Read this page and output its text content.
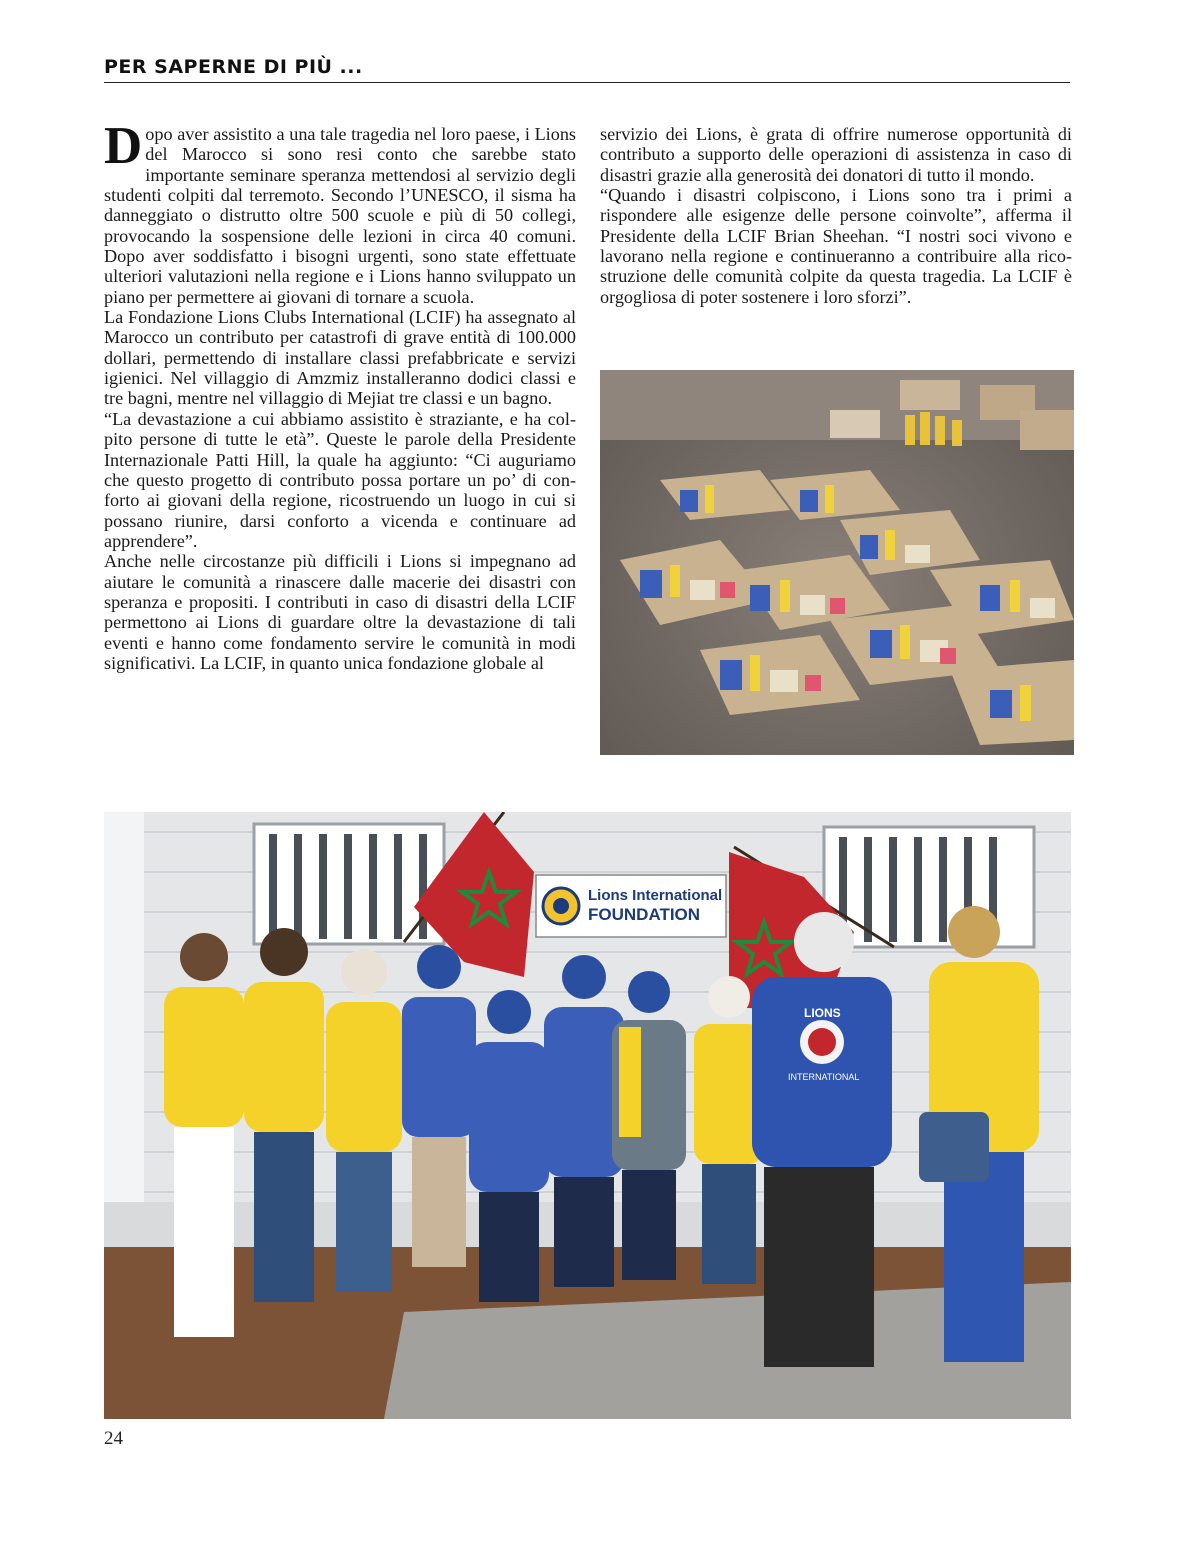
PER SAPERNE DI PIÙ ...

Dopo aver assistito a una tale tragedia nel loro paese, i Lions del Marocco si sono resi conto che sarebbe stato importante seminare speranza mettendosi al servizio degli studenti colpiti dal terremoto. Secondo l’UNESCO, il sisma ha danneggiato o distrutto oltre 500 scuole e più di 50 collegi, provocando la sospensione delle lezioni in circa 40 comuni. Dopo aver soddisfatto i bisogni urgenti, sono state effettuate ulteriori valutazioni nella regione e i Lions hanno sviluppato un piano per permettere ai giovani di tornare a scuola.

La Fondazione Lions Clubs International (LCIF) ha assegnato al Marocco un contributo per catastrofi di grave entità di 100.000 dollari, permettendo di installare classi prefabbricate e servizi igienici. Nel villaggio di Amzmiz installeranno dodici classi e tre bagni, mentre nel villaggio di Mejiat tre classi e un bagno.

“La devastazione a cui abbiamo assistito è straziante, e ha colpito persone di tutte le età”. Queste le parole della Presidente Internazionale Patti Hill, la quale ha aggiunto: “Ci auguriamo che questo progetto di contributo possa portare un po’ di conforto ai giovani della regione, ricostruendo un luogo in cui si possano riunire, darsi conforto a vicenda e continuare ad apprendere”.

Anche nelle circostanze più difficili i Lions si impegnano ad aiutare le comunità a rinascere dalle macerie dei disastri con speranza e propositi. I contributi in caso di disastri della LCIF permettono ai Lions di guardare oltre la devastazione di tali eventi e hanno come fondamento servire le comunità in modi significativi. La LCIF, in quanto unica fondazione globale al

servizio dei Lions, è grata di offrire numerose opportunità di contributo a supporto delle operazioni di assistenza in caso di disastri grazie alla generosità dei donatori di tutto il mondo.

“Quando i disastri colpiscono, i Lions sono tra i primi a rispondere alle esigenze delle persone coinvolte”, afferma il Presidente della LCIF Brian Sheehan. “I nostri soci vivono e lavorano nella regione e continueranno a contribuire alla ricostruzione delle comunità colpite da questa tragedia. La LCIF è orgogliosa di poter sostenere i loro sforzi”.

Lions International
FOUNDATION
LIONS
INTERNATIONAL
24
